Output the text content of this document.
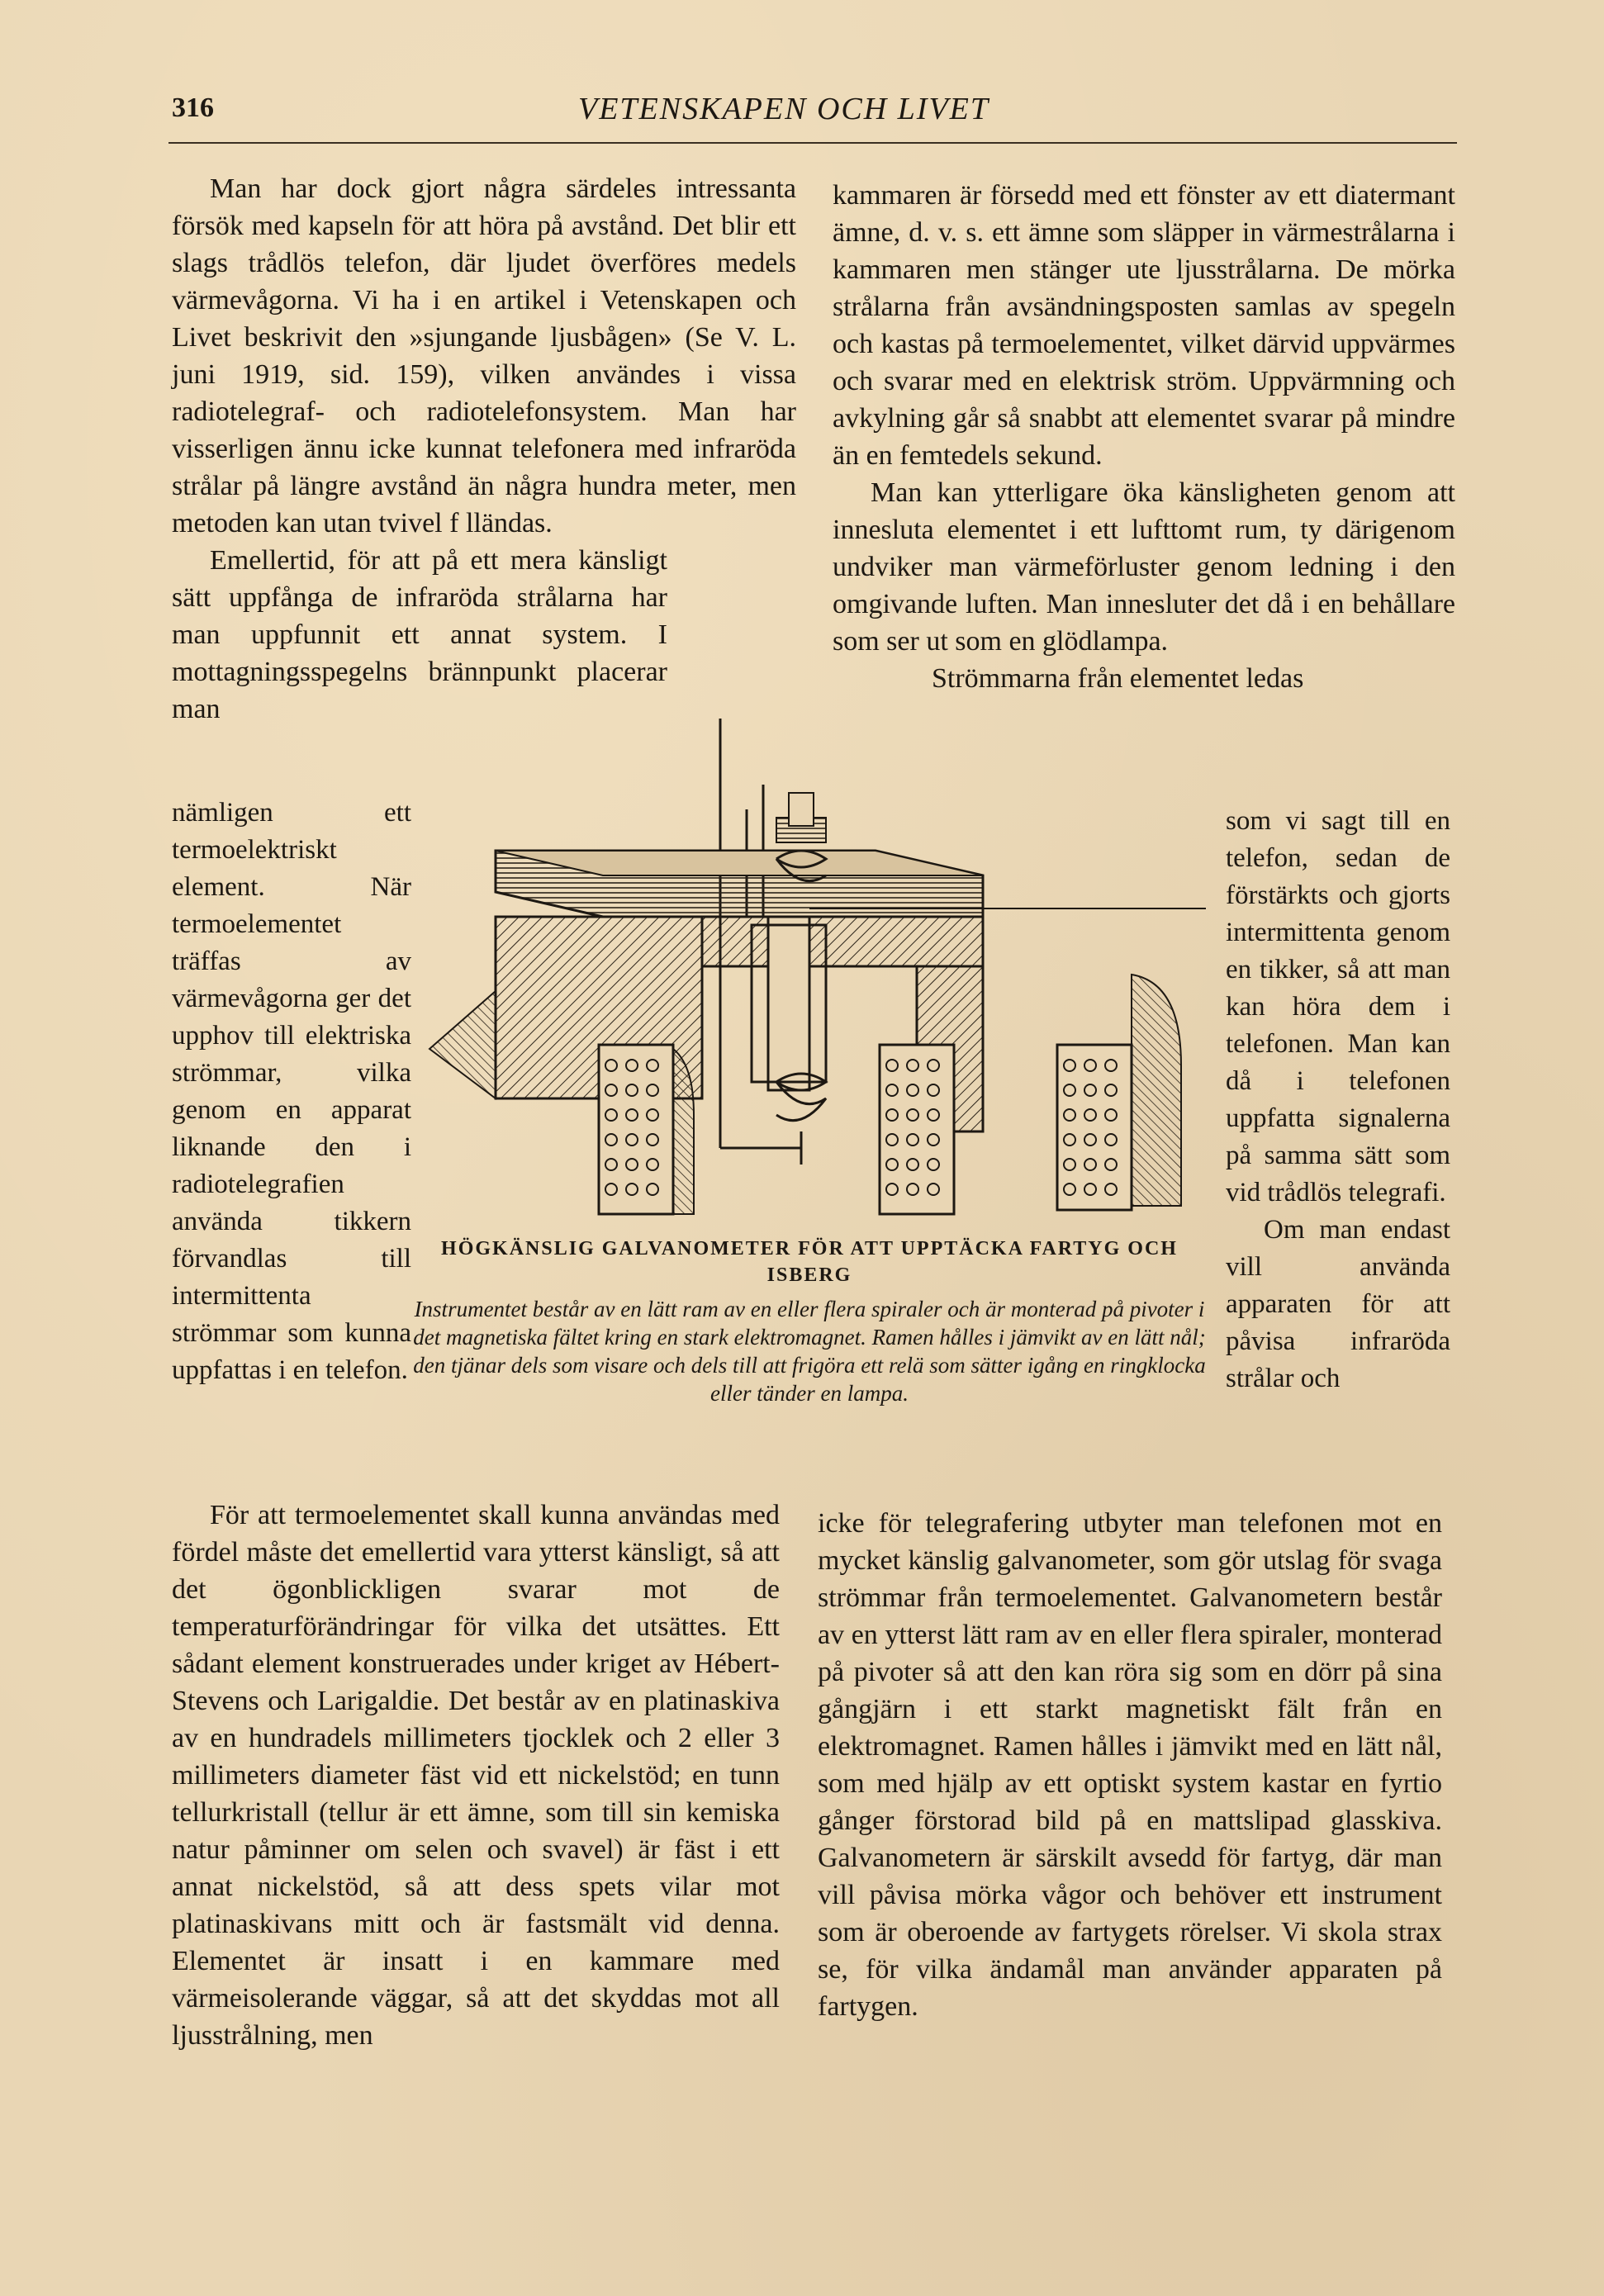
316	VETENSKAPEN OCH LIVET

Man har dock gjort några särdeles intressanta försök med kapseln för att höra på avstånd. Det blir ett slags trådlös telefon, där ljudet överföres medels värmevågorna. Vi ha i en artikel i Vetenskapen och Livet beskrivit den »sjungande ljusbågen» (Se V. L. juni 1919, sid. 159), vilken användes i vissa radiotelegraf- och radiotelefonsystem. Man har visserligen ännu icke kunnat telefonera med infraröda strålar på längre avstånd än några hundra meter, men metoden kan utan tvivel f lländas.

Emellertid, för att på ett mera känsligt sätt uppfånga de infraröda strålarna har man uppfunnit ett annat system. I mottagningsspegelns brännpunkt placerar man

nämligen ett termoelektriskt element. När termoelementet träffas av värmevågorna ger det upphov till elektriska strömmar, vilka genom en apparat liknande den i radiotelegrafien använda tikkern förvandlas till intermittenta strömmar som kunna uppfattas i en telefon.

För att termoelementet skall kunna användas med fördel måste det emellertid vara ytterst känsligt, så att det ögonblickligen svarar mot de temperaturförändringar för vilka det utsättes. Ett sådant element konstruerades under kriget av Hébert-Stevens och Larigaldie. Det består av en platinaskiva av en hundradels millimeters tjocklek och 2 eller 3 millimeters diameter fäst vid ett nickelstöd; en tunn tellurkristall (tellur är ett ämne, som till sin kemiska natur påminner om selen och svavel) är fäst i ett annat nickelstöd, så att dess spets vilar mot platinaskivans mitt och är fastsmält vid denna. Elementet är insatt i en kammare med värmeisolerande väggar, så att det skyddas mot all ljusstrålning, men

kammaren är försedd med ett fönster av ett diatermant ämne, d. v. s. ett ämne som släpper in värmestrålarna i kammaren men stänger ute ljusstrålarna. De mörka strålarna från avsändningsposten samlas av spegeln och kastas på termoelementet, vilket därvid uppvärmes och svarar med en elektrisk ström. Uppvärmning och avkylning går så snabbt att elementet svarar på mindre än en femtedels sekund.

Man kan ytterligare öka känsligheten genom att inneslutа elementet i ett lufttomt rum, ty därigenom undviker man värmeförluster genom ledning i den omgivande luften. Man innesluter det då i en behållare som ser ut som en glödlampa.

Strömmarna från elementet ledas

som vi sagt till en telefon, sedan de förstärkts och gjorts intermittenta genom en tikker, så att man kan höra dem i telefonen. Man kan då i telefonen uppfatta signalerna på samma sätt som vid trådlös telegrafi.

Om man endast vill använda apparaten för att påvisa infraröda strålar och

icke för telegrafering utbyter man telefonen mot en mycket känslig galvanometer, som gör utslag för svaga strömmar från termoelementet. Galvanometern består av en ytterst lätt ram av en eller flera spiraler, monterad på pivoter så att den kan röra sig som en dörr på sina gångjärn i ett starkt magnetiskt fält från en elektromagnet. Ramen hålles i jämvikt med en lätt nål, som med hjälp av ett optiskt system kastar en fyrtio gånger förstorad bild på en mattslipad glasskiva. Galvanometern är särskilt avsedd för fartyg, där man vill påvisa mörka vågor och behöver ett instrument som är oberoende av fartygets rörelser. Vi skola strax se, för vilka ändamål man använder apparaten på fartygen.

HÖGKÄNSLIG GALVANOMETER FÖR ATT UPPTÄCKA FARTYG OCH ISBERG
Instrumentet består av en lätt ram av en eller flera spiraler och är monterad på pivoter i det magnetiska fältet kring en stark elektromagnet. Ramen hålles i jämvikt av en lätt nål; den tjänar dels som visare och dels till att frigöra ett relä som sätter igång en ringklocka eller tänder en lampa.
